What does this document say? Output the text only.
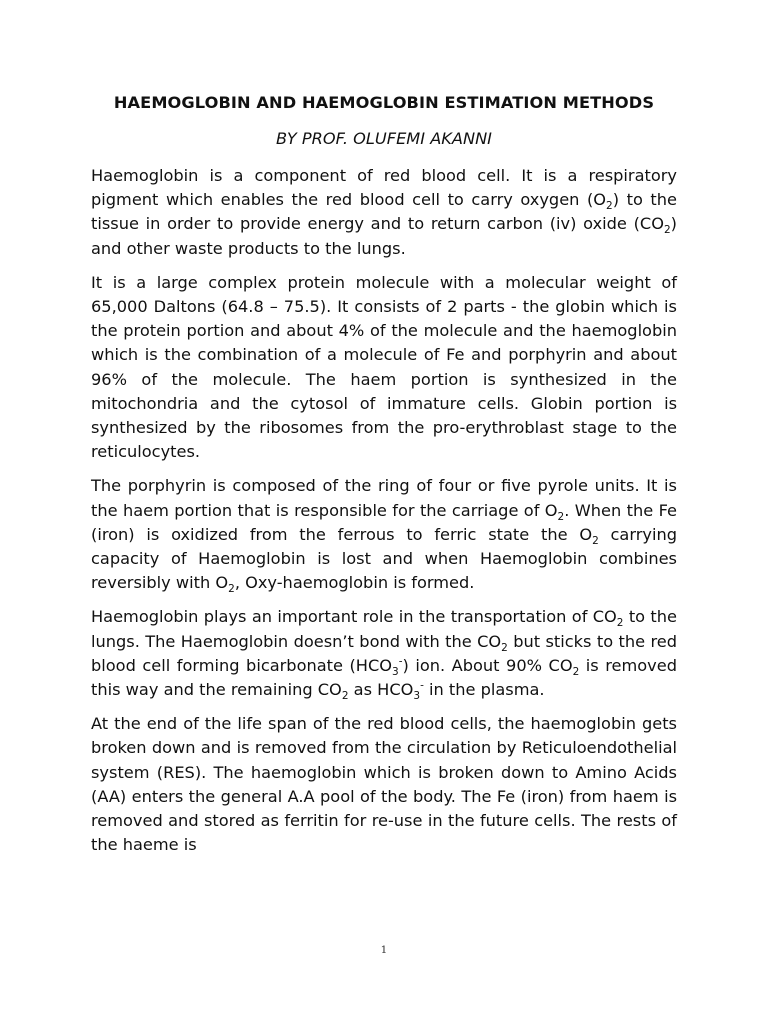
HAEMOGLOBIN AND HAEMOGLOBIN ESTIMATION METHODS

BY PROF. OLUFEMI AKANNI

Haemoglobin is a component of red blood cell. It is a respiratory pigment which enables the red blood cell to carry oxygen $(O_2)$ to the tissue in order to provide energy and to return carbon (iv) oxide $(CO_2)$ and other waste products to the lungs.

It is a large complex protein molecule with a molecular weight of 65,000 Daltons (64.8 – 75.5). It consists of 2 parts - the globin which is the protein portion and about 4% of the molecule and the haemoglobin which is the combination of a molecule of Fe and porphyrin and about 96% of the molecule. The haem portion is synthesized in the mitochondria and the cytosol of immature cells. Globin portion is synthesized by the ribosomes from the pro-erythroblast stage to the reticulocytes.

The porphyrin is composed of the ring of four or five pyrole units. It is the haem portion that is responsible for the carriage of $O_2$. When the Fe (iron) is oxidized from the ferrous to ferric state the $O_2$ carrying capacity of Haemoglobin is lost and when Haemoglobin combines reversibly with $O_2$, Oxy-haemoglobin is formed.

Haemoglobin plays an important role in the transportation of $CO_2$ to the lungs. The Haemoglobin doesn’t bond with the $CO_2$ but sticks to the red blood cell forming bicarbonate $(HCO_3^-)$ ion. About 90% $CO_2$ is removed this way and the remaining $CO_2$ as $HCO_3^-$ in the plasma.

At the end of the life span of the red blood cells, the haemoglobin gets broken down and is removed from the circulation by Reticuloendothelial system (RES). The haemoglobin which is broken down to Amino Acids (AA) enters the general A.A pool of the body. The Fe (iron) from haem is removed and stored as ferritin for re-use in the future cells. The rests of the haeme is

1
